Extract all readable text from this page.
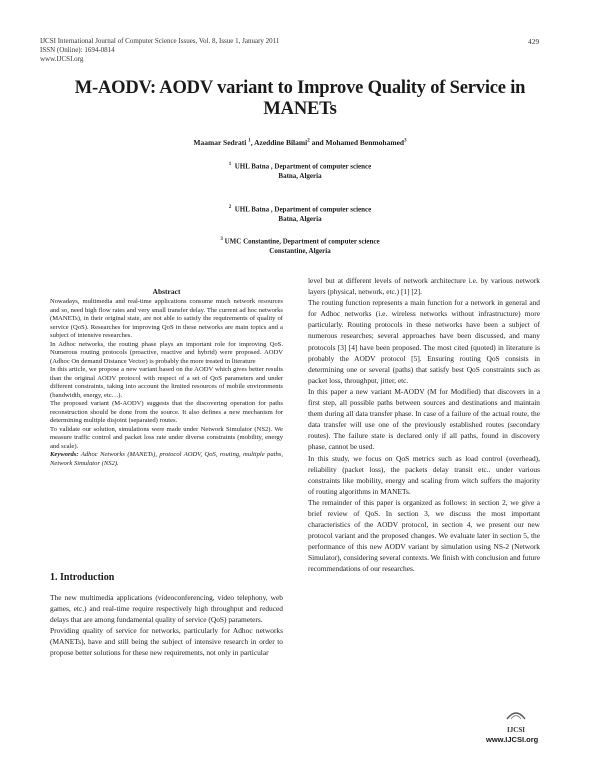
IJCSI International Journal of Computer Science Issues, Vol. 8, Issue 1, January 2011
ISSN (Online): 1694-0814
www.IJCSI.org
429
M-AODV: AODV variant to Improve Quality of Service in MANETs
Maamar Sedrati $^1$, Azeddine Bilami$^2$ and Mohamed Benmohamed$^3$
$^1$ UHL Batna , Department of computer science
Batna, Algeria
$^2$ UHL Batna , Department of computer science
Batna, Algeria
$^3$ UMC Constantine, Department of computer science
Constantine, Algeria
Abstract

Nowadays, multimedia and real-time applications consume much network resources and so, need high flow rates and very small transfer delay. The current ad hoc networks (MANETs), in their original state, are not able to satisfy the requirements of quality of service (QoS). Researches for improving QoS in these networks are main topics and a subject of intensive researches.

In Adhoc networks, the routing phase plays an important role for improving QoS. Numerous routing protocols (proactive, reactive and hybrid) were proposed. AODV (Adhoc On demand Distance Vector) is probably the more treated in literature

In this article, we propose a new variant based on the AODV which gives better results than the original AODV protocol with respect of a set of QoS parameters and under different constraints, taking into account the limited resources of mobile environments (bandwidth, energy, etc…).

The proposed variant (M-AODV) suggests that the discovering operation for paths reconstruction should be done from the source. It also defines a new mechanism for determining multiple disjoint (separated) routes.

To validate our solution, simulations were made under Network Simulator (NS2). We measure traffic control and packet loss rate under diverse constraints (mobility, energy and scale).

Keywords: Adhoc Networks (MANETs), protocol AODV, QoS, routing, multiple paths, Network Simulator (NS2).

1. Introduction

The new multimedia applications (videoconferencing, video telephony, web games, etc.) and real-time require respectively high throughput and reduced delays that are among fundamental quality of service (QoS) parameters.

Providing quality of service for networks, particularly for Adhoc networks (MANETs), have and still being the subject of intensive research in order to propose better solutions for these new requirements, not only in particular

level but at different levels of network architecture i.e. by various network layers (physical, network, etc.) [1] [2].

The routing function represents a main function for a network in general and for Adhoc networks (i.e. wireless networks without infrastructure) more particularly. Routing protocols in these networks have been a subject of numerous researches; several approaches have been discussed, and many protocols [3] [4] have been proposed. The most cited (quoted) in literature is probably the AODV protocol [5]. Ensuring routing QoS consists in determining one or several (paths) that satisfy best QoS constraints such as packet loss, throughput, jitter, etc.

In this paper a new variant M-AODV (M for Modified) that discovers in a first step, all possible paths between sources and destinations and maintain them during all data transfer phase. In case of a failure of the actual route, the data transfer will use one of the previously established routes (secondary routes). The failure state is declared only if all paths, found in discovery phase, cannot be used.

In this study, we focus on QoS metrics such as load control (overhead), reliability (packet loss), the packets delay transit etc.. under various constraints like mobility, energy and scaling from witch suffers the majority of routing algorithms in MANETs.

The remainder of this paper is organized as follows: in section 2, we give a brief review of QoS. In section 3, we discuss the most important characteristics of the AODV protocol, in section 4, we present our new protocol variant and the proposed changes. We evaluate later in section 5, the performance of this new AODV variant by simulation using NS-2 (Network Simulator), considering several contexts. We finish with conclusion and future recommendations of our researches.

IJCSI
www.IJCSI.org
